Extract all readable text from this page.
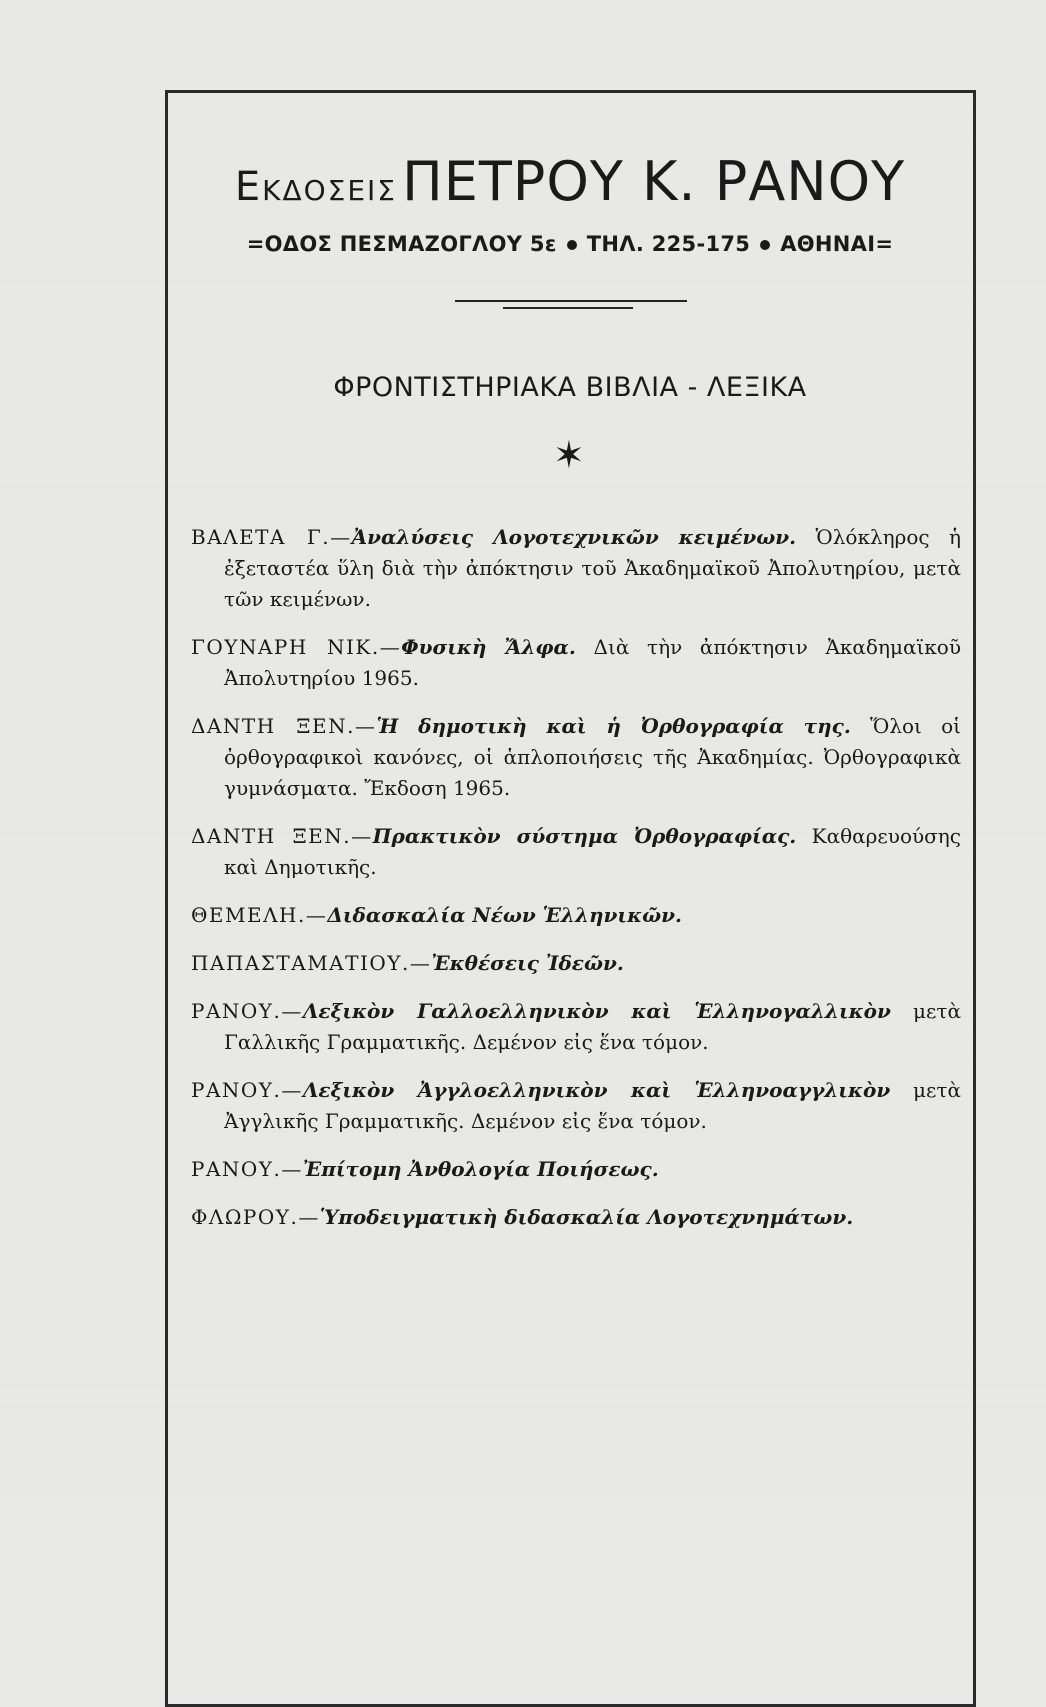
Εκδοσεις ΠΕΤΡΟΥ Κ. ΡΑΝΟΥ
=ΟΔΟΣ ΠΕΣΜΑΖΟΓΛΟΥ 5ε ΤΗΛ. 225-175 ΑΘΗΝΑΙ=
ΦΡΟΝΤΙΣΤΗΡΙΑΚΑ ΒΙΒΛΙΑ - ΛΕΞΙΚΑ
✶

ΒΑΛΕΤΑ Γ.—Ἀναλύσεις Λογοτεχνικῶν κειμένων. Ὁλόκληρος ἡ ἐξεταστέα ὕλη διὰ τὴν ἀπόκτησιν τοῦ Ἀκαδημαϊκοῦ Ἀπολυτηρίου, μετὰ τῶν κειμένων.

ΓΟΥΝΑΡΗ ΝΙΚ.—Φυσικὴ Ἄλφα. Διὰ τὴν ἀπόκτησιν Ἀκαδημαϊκοῦ Ἀπολυτηρίου 1965.

ΔΑΝΤΗ ΞΕΝ.—Ἡ δημοτικὴ καὶ ἡ Ὀρθογραφία της. Ὅλοι οἱ ὀρθογραφικοὶ κανόνες, οἱ ἁπλοποιήσεις τῆς Ἀκαδημίας. Ὀρθογραφικὰ γυμνάσματα. Ἔκδοση 1965.

ΔΑΝΤΗ ΞΕΝ.—Πρακτικὸν σύστημα Ὀρθογραφίας. Καθαρευούσης καὶ Δημοτικῆς.

ΘΕΜΕΛΗ.—Διδασκαλία Νέων Ἑλληνικῶν.

ΠΑΠΑΣΤΑΜΑΤΙΟΥ.—Ἐκθέσεις Ἰδεῶν.

ΡΑΝΟΥ.—Λεξικὸν Γαλλοελληνικὸν καὶ Ἑλληνογαλλικὸν μετὰ Γαλλικῆς Γραμματικῆς. Δεμένον εἰς ἕνα τόμον.

ΡΑΝΟΥ.—Λεξικὸν Ἀγγλοελληνικὸν καὶ Ἑλληνοαγγλικὸν μετὰ Ἀγγλικῆς Γραμματικῆς. Δεμένον εἰς ἕνα τόμον.

ΡΑΝΟΥ.—Ἐπίτομη Ἀνθολογία Ποιήσεως.

ΦΛΩΡΟΥ.—Ὑποδειγματικὴ διδασκαλία Λογοτεχνημάτων.
